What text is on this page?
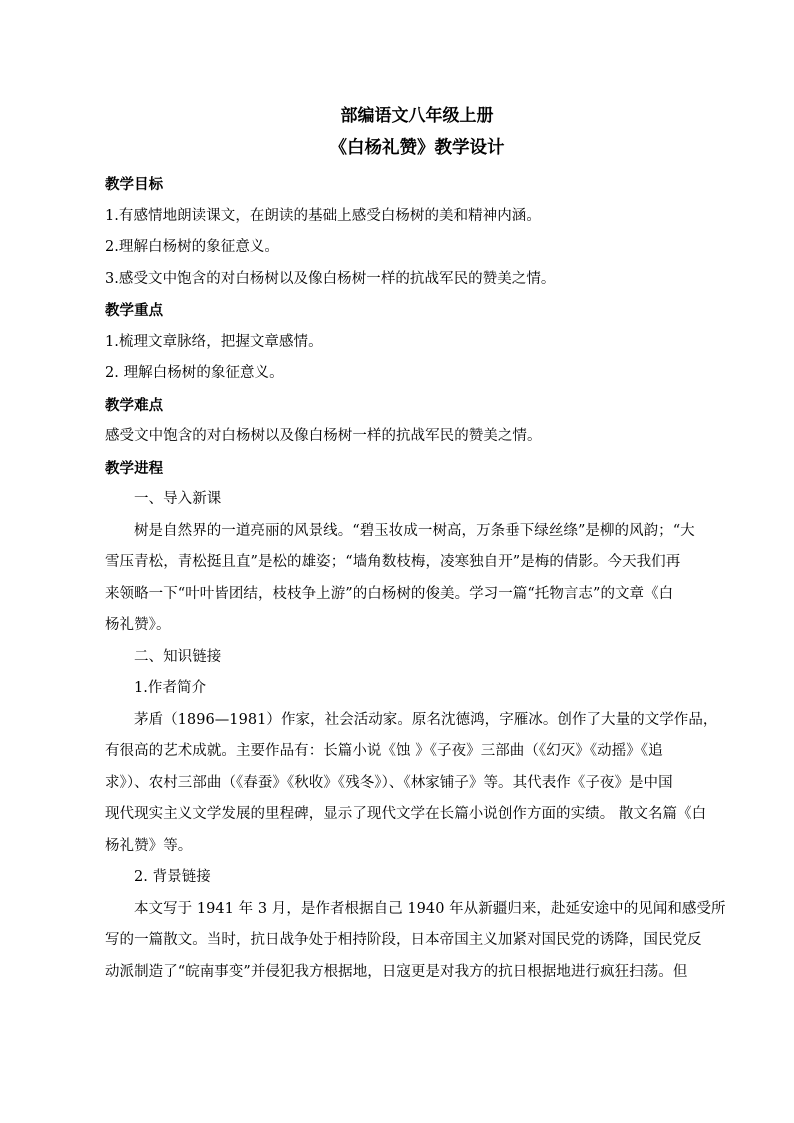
部编语文八年级上册
《白杨礼赞》教学设计
教学目标
1.有感情地朗读课文，在朗读的基础上感受白杨树的美和精神内涵。
2.理解白杨树的象征意义。
3.感受文中饱含的对白杨树以及像白杨树一样的抗战军民的赞美之情。
教学重点
1.梳理文章脉络，把握文章感情。
2. 理解白杨树的象征意义。
教学难点
感受文中饱含的对白杨树以及像白杨树一样的抗战军民的赞美之情。
教学进程
一、导入新课
树是自然界的一道亮丽的风景线。“碧玉妆成一树高，万条垂下绿丝绦”是柳的风韵；“大
雪压青松，青松挺且直”是松的雄姿；“墙角数枝梅，凌寒独自开”是梅的倩影。今天我们再
来领略一下“叶叶皆团结，枝枝争上游”的白杨树的俊美。学习一篇“托物言志”的文章《白
杨礼赞》。
二、知识链接
1.作者简介
茅盾（1896—1981）作家，社会活动家。原名沈德鸿，字雁冰。创作了大量的文学作品，
有很高的艺术成就。主要作品有：长篇小说《蚀 》《子夜》三部曲（《幻灭》《动摇》《追
求》）、农村三部曲（《春蚕》《秋收》《残冬》）、《林家铺子》等。其代表作《子夜》是中国
现代现实主义文学发展的里程碑，显示了现代文学在长篇小说创作方面的实绩。 散文名篇《白
杨礼赞》等。
2. 背景链接
本文写于 1941 年 3 月，是作者根据自己 1940 年从新疆归来，赴延安途中的见闻和感受所
写的一篇散文。当时，抗日战争处于相持阶段，日本帝国主义加紧对国民党的诱降，国民党反
动派制造了“皖南事变”并侵犯我方根据地，日寇更是对我方的抗日根据地进行疯狂扫荡。但
